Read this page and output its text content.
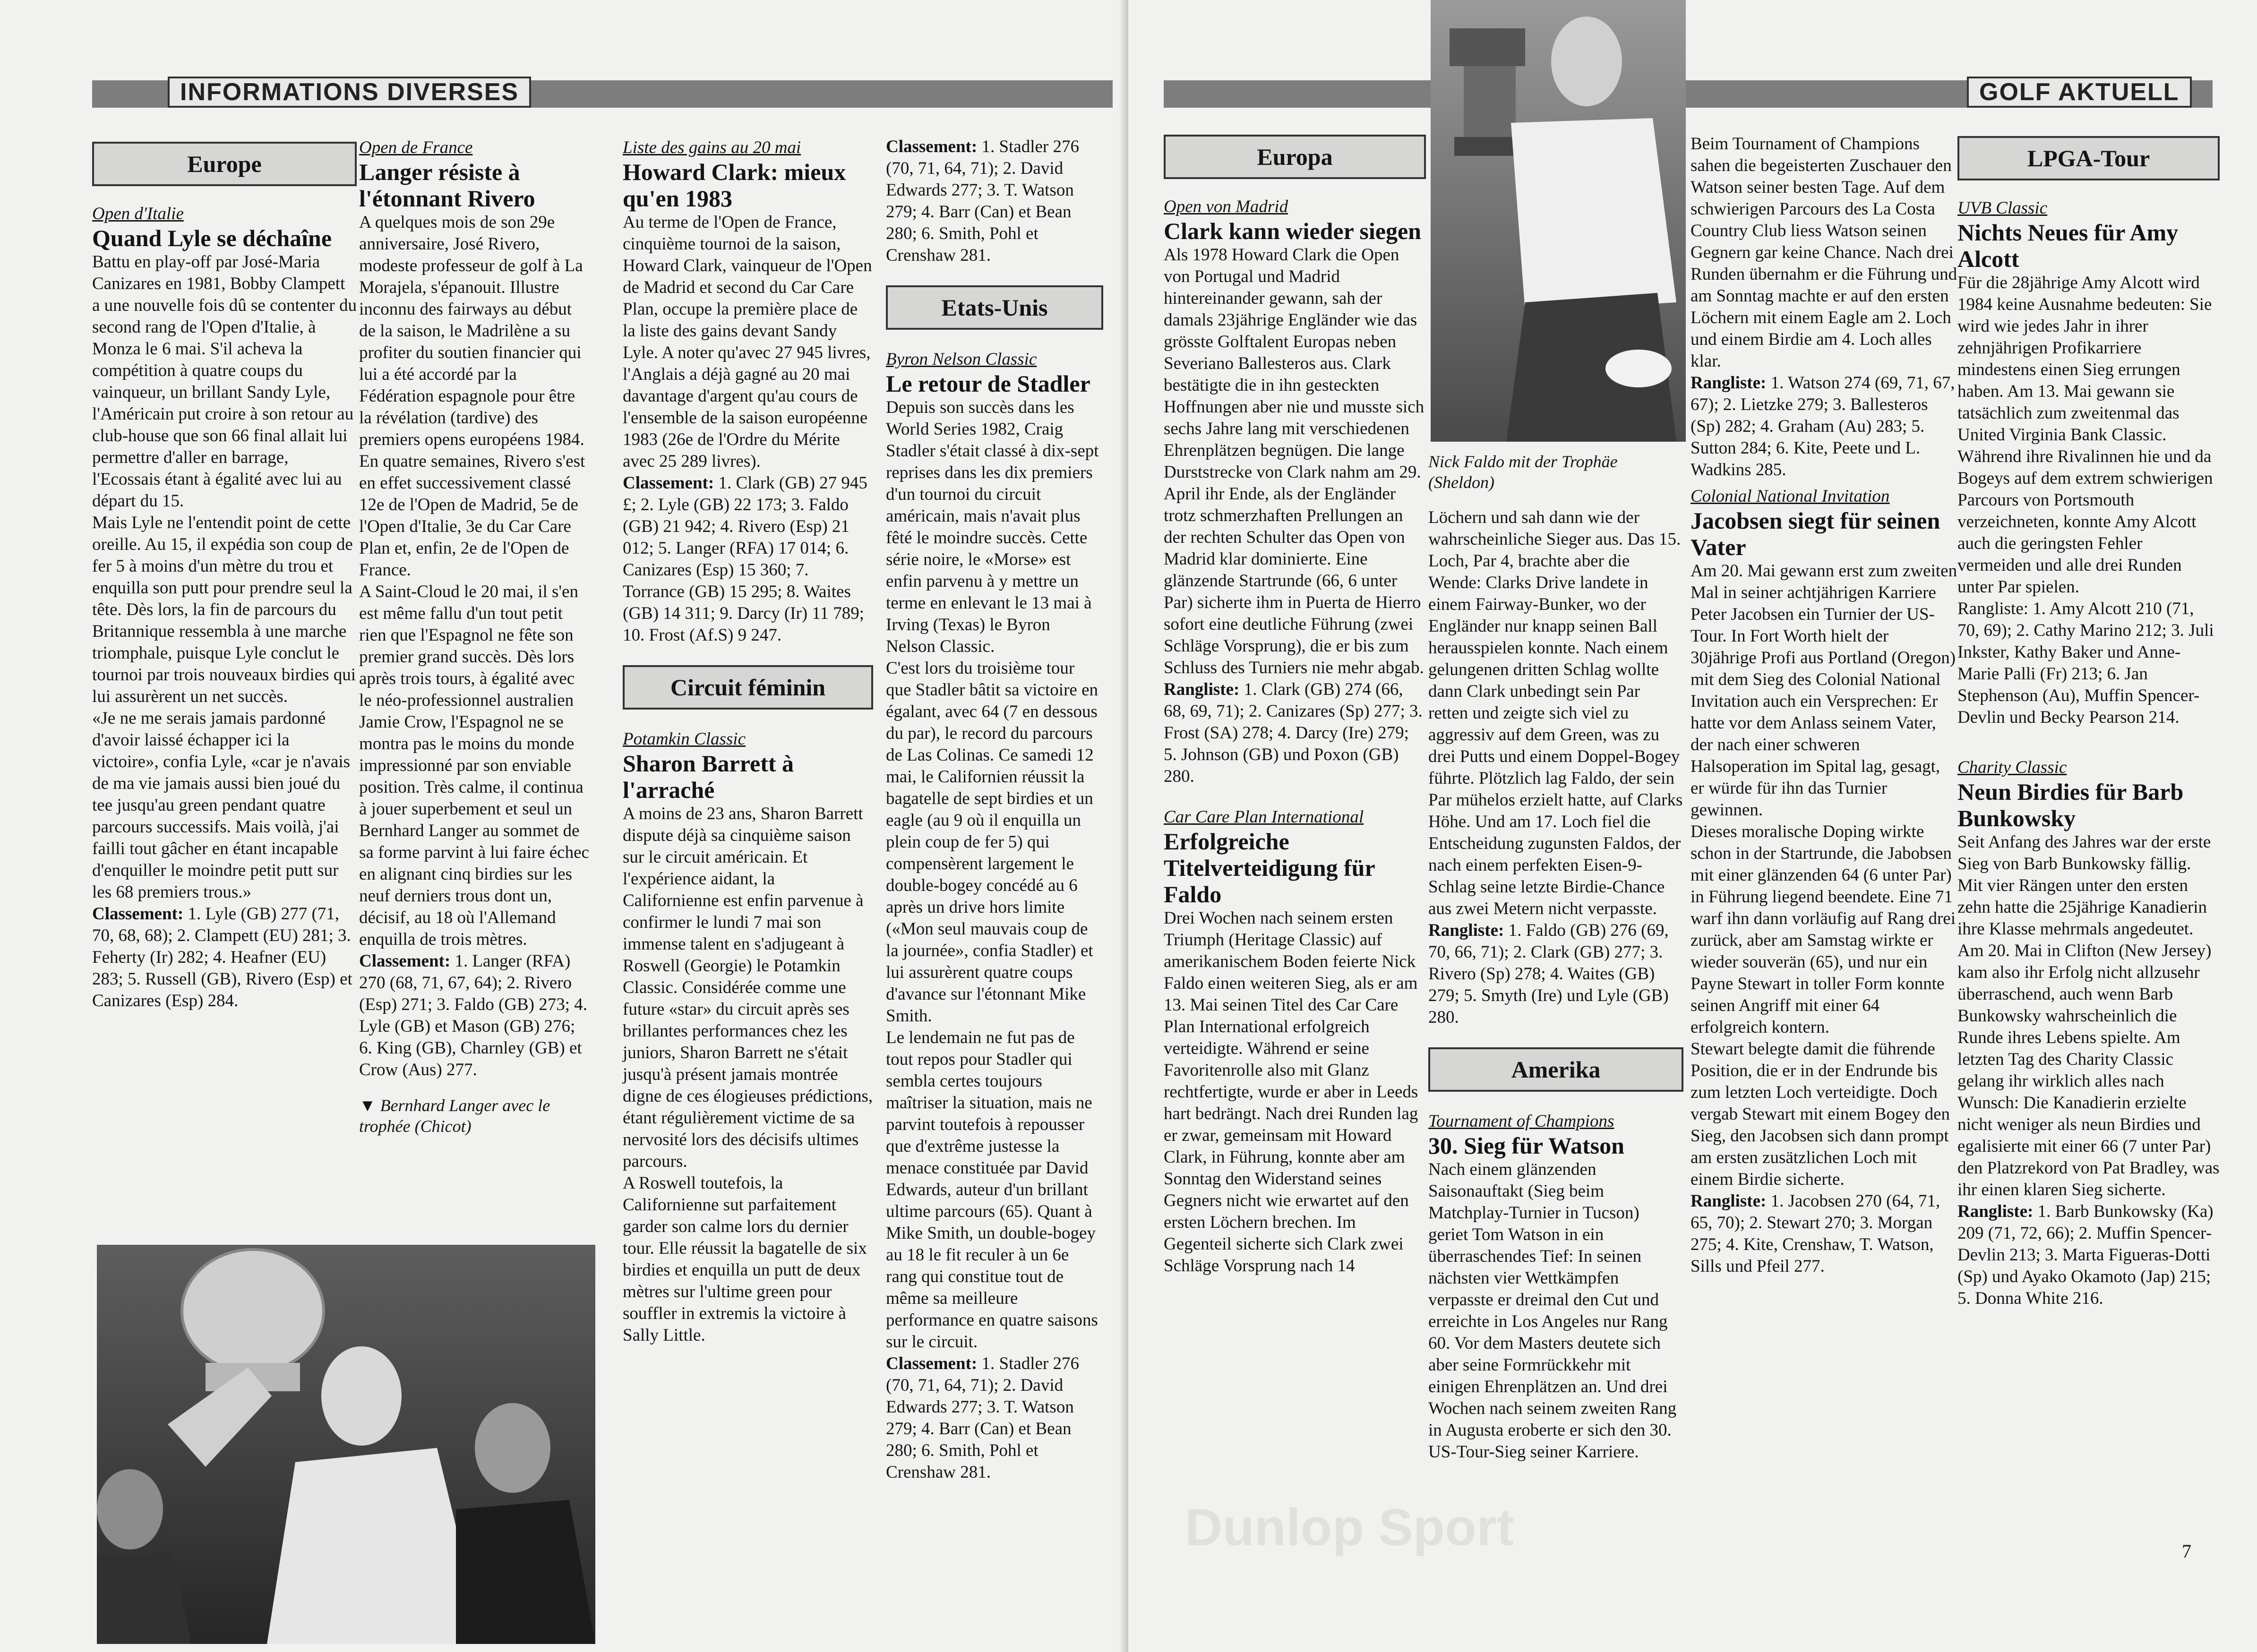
INFORMATIONS DIVERSES
Europe

Open d'Italie

Quand Lyle se déchaîne

Battu en play-off par José-Maria Canizares en 1981, Bobby Clampett a une nouvelle fois dû se contenter du second rang de l'Open d'Italie, à Monza le 6 mai. S'il acheva la compétition à quatre coups du vainqueur, un brillant Sandy Lyle, l'Américain put croire à son retour au club-house que son 66 final allait lui permettre d'aller en barrage, l'Ecossais étant à égalité avec lui au départ du 15.

Mais Lyle ne l'entendit point de cette oreille. Au 15, il expédia son coup de fer 5 à moins d'un mètre du trou et enquilla son putt pour prendre seul la tête. Dès lors, la fin de parcours du Britannique ressembla à une marche triomphale, puisque Lyle conclut le tournoi par trois nouveaux birdies qui lui assurèrent un net succès.

«Je ne me serais jamais pardonné d'avoir laissé échapper ici la victoire», confia Lyle, «car je n'avais de ma vie jamais aussi bien joué du tee jusqu'au green pendant quatre parcours successifs. Mais voilà, j'ai failli tout gâcher en étant incapable d'enquiller le moindre petit putt sur les 68 premiers trous.»

Classement: 1. Lyle (GB) 277 (71, 70, 68, 68); 2. Clampett (EU) 281; 3. Feherty (Ir) 282; 4. Heafner (EU) 283; 5. Russell (GB), Rivero (Esp) et Canizares (Esp) 284.

Open de France

Langer résiste à l'étonnant Rivero

A quelques mois de son 29e anniversaire, José Rivero, modeste professeur de golf à La Morajela, s'épanouit. Illustre inconnu des fairways au début de la saison, le Madrilène a su profiter du soutien financier qui lui a été accordé par la Fédération espagnole pour être la révélation (tardive) des premiers opens européens 1984. En quatre semaines, Rivero s'est en effet successivement classé 12e de l'Open de Madrid, 5e de l'Open d'Italie, 3e du Car Care Plan et, enfin, 2e de l'Open de France.

A Saint-Cloud le 20 mai, il s'en est même fallu d'un tout petit rien que l'Espagnol ne fête son premier grand succès. Dès lors après trois tours, à égalité avec le néo-professionnel australien Jamie Crow, l'Espagnol ne se montra pas le moins du monde impressionné par son enviable position. Très calme, il continua à jouer superbement et seul un Bernhard Langer au sommet de sa forme parvint à lui faire échec en alignant cinq birdies sur les neuf derniers trous dont un, décisif, au 18 où l'Allemand enquilla de trois mètres.

Classement: 1. Langer (RFA) 270 (68, 71, 67, 64); 2. Rivero (Esp) 271; 3. Faldo (GB) 273; 4. Lyle (GB) et Mason (GB) 276; 6. King (GB), Charnley (GB) et Crow (Aus) 277.

▼ Bernhard Langer avec le trophée (Chicot)

Liste des gains au 20 mai

Howard Clark: mieux qu'en 1983

Au terme de l'Open de France, cinquième tournoi de la saison, Howard Clark, vainqueur de l'Open de Madrid et second du Car Care Plan, occupe la première place de la liste des gains devant Sandy Lyle. A noter qu'avec 27 945 livres, l'Anglais a déjà gagné au 20 mai davantage d'argent qu'au cours de l'ensemble de la saison européenne 1983 (26e de l'Ordre du Mérite avec 25 289 livres).

Classement: 1. Clark (GB) 27 945 £; 2. Lyle (GB) 22 173; 3. Faldo (GB) 21 942; 4. Rivero (Esp) 21 012; 5. Langer (RFA) 17 014; 6. Canizares (Esp) 15 360; 7. Torrance (GB) 15 295; 8. Waites (GB) 14 311; 9. Darcy (Ir) 11 789; 10. Frost (Af.S) 9 247.

Circuit féminin

Potamkin Classic

Sharon Barrett à l'arraché

A moins de 23 ans, Sharon Barrett dispute déjà sa cinquième saison sur le circuit américain. Et l'expérience aidant, la Californienne est enfin parvenue à confirmer le lundi 7 mai son immense talent en s'adjugeant à Roswell (Georgie) le Potamkin Classic. Considérée comme une future «star» du circuit après ses brillantes performances chez les juniors, Sharon Barrett ne s'était jusqu'à présent jamais montrée digne de ces élogieuses prédictions, étant régulièrement victime de sa nervosité lors des décisifs ultimes parcours.

A Roswell toutefois, la Californienne sut parfaitement garder son calme lors du dernier tour. Elle réussit la bagatelle de six birdies et enquilla un putt de deux mètres sur l'ultime green pour souffler in extremis la victoire à Sally Little.

Classement: 1. Stadler 276 (70, 71, 64, 71); 2. David Edwards 277; 3. T. Watson 279; 4. Barr (Can) et Bean 280; 6. Smith, Pohl et Crenshaw 281.

Etats-Unis

Byron Nelson Classic

Le retour de Stadler

Depuis son succès dans les World Series 1982, Craig Stadler s'était classé à dix-sept reprises dans les dix premiers d'un tournoi du circuit américain, mais n'avait plus fêté le moindre succès. Cette série noire, le «Morse» est enfin parvenu à y mettre un terme en enlevant le 13 mai à Irving (Texas) le Byron Nelson Classic.

C'est lors du troisième tour que Stadler bâtit sa victoire en égalant, avec 64 (7 en dessous du par), le record du parcours de Las Colinas. Ce samedi 12 mai, le Californien réussit la bagatelle de sept birdies et un eagle (au 9 où il enquilla un plein coup de fer 5) qui compensèrent largement le double-bogey concédé au 6 après un drive hors limite («Mon seul mauvais coup de la journée», confia Stadler) et lui assurèrent quatre coups d'avance sur l'étonnant Mike Smith.

Le lendemain ne fut pas de tout repos pour Stadler qui sembla certes toujours maîtriser la situation, mais ne parvint toutefois à repousser que d'extrême justesse la menace constituée par David Edwards, auteur d'un brillant ultime parcours (65). Quant à Mike Smith, un double-bogey au 18 le fit reculer à un 6e rang qui constitue tout de même sa meilleure performance en quatre saisons sur le circuit.

Classement: 1. Stadler 276 (70, 71, 64, 71); 2. David Edwards 277; 3. T. Watson 279; 4. Barr (Can) et Bean 280; 6. Smith, Pohl et Crenshaw 281.

Dunlop Sport
GOLF AKTUELL
Europa

Open von Madrid

Clark kann wieder siegen

Als 1978 Howard Clark die Open von Portugal und Madrid hintereinander gewann, sah der damals 23jährige Engländer wie das grösste Golftalent Europas neben Severiano Ballesteros aus. Clark bestätigte die in ihn gesteckten Hoffnungen aber nie und musste sich sechs Jahre lang mit verschiedenen Ehrenplätzen begnügen. Die lange Durststrecke von Clark nahm am 29. April ihr Ende, als der Engländer trotz schmerzhaften Prellungen an der rechten Schulter das Open von Madrid klar dominierte. Eine glänzende Startrunde (66, 6 unter Par) sicherte ihm in Puerta de Hierro sofort eine deutliche Führung (zwei Schläge Vorsprung), die er bis zum Schluss des Turniers nie mehr abgab.

Rangliste: 1. Clark (GB) 274 (66, 68, 69, 71); 2. Canizares (Sp) 277; 3. Frost (SA) 278; 4. Darcy (Ire) 279; 5. Johnson (GB) und Poxon (GB) 280.

Car Care Plan International

Erfolgreiche Titelverteidigung für Faldo

Drei Wochen nach seinem ersten Triumph (Heritage Classic) auf amerikanischem Boden feierte Nick Faldo einen weiteren Sieg, als er am 13. Mai seinen Titel des Car Care Plan International erfolgreich verteidigte. Während er seine Favoritenrolle also mit Glanz rechtfertigte, wurde er aber in Leeds hart bedrängt. Nach drei Runden lag er zwar, gemeinsam mit Howard Clark, in Führung, konnte aber am Sonntag den Widerstand seines Gegners nicht wie erwartet auf den ersten Löchern brechen. Im Gegenteil sicherte sich Clark zwei Schläge Vorsprung nach 14

Nick Faldo mit der Trophäe (Sheldon)

Löchern und sah dann wie der wahrscheinliche Sieger aus. Das 15. Loch, Par 4, brachte aber die Wende: Clarks Drive landete in einem Fairway-Bunker, wo der Engländer nur knapp seinen Ball herausspielen konnte. Nach einem gelungenen dritten Schlag wollte dann Clark unbedingt sein Par retten und zeigte sich viel zu aggressiv auf dem Green, was zu drei Putts und einem Doppel-Bogey führte. Plötzlich lag Faldo, der sein Par mühelos erzielt hatte, auf Clarks Höhe. Und am 17. Loch fiel die Entscheidung zugunsten Faldos, der nach einem perfekten Eisen-9-Schlag seine letzte Birdie-Chance aus zwei Metern nicht verpasste.

Rangliste: 1. Faldo (GB) 276 (69, 70, 66, 71); 2. Clark (GB) 277; 3. Rivero (Sp) 278; 4. Waites (GB) 279; 5. Smyth (Ire) und Lyle (GB) 280.

Amerika

Tournament of Champions

30. Sieg für Watson

Nach einem glänzenden Saisonauftakt (Sieg beim Matchplay-Turnier in Tucson) geriet Tom Watson in ein überraschendes Tief: In seinen nächsten vier Wettkämpfen verpasste er dreimal den Cut und erreichte in Los Angeles nur Rang 60. Vor dem Masters deutete sich aber seine Formrückkehr mit einigen Ehrenplätzen an. Und drei Wochen nach seinem zweiten Rang in Augusta eroberte er sich den 30. US-Tour-Sieg seiner Karriere.

Beim Tournament of Champions sahen die begeisterten Zuschauer den Watson seiner besten Tage. Auf dem schwierigen Parcours des La Costa Country Club liess Watson seinen Gegnern gar keine Chance. Nach drei Runden übernahm er die Führung und am Sonntag machte er auf den ersten Löchern mit einem Eagle am 2. Loch und einem Birdie am 4. Loch alles klar.

Rangliste: 1. Watson 274 (69, 71, 67, 67); 2. Lietzke 279; 3. Ballesteros (Sp) 282; 4. Graham (Au) 283; 5. Sutton 284; 6. Kite, Peete und L. Wadkins 285.

Colonial National Invitation

Jacobsen siegt für seinen Vater

Am 20. Mai gewann erst zum zweiten Mal in seiner achtjährigen Karriere Peter Jacobsen ein Turnier der US-Tour. In Fort Worth hielt der 30jährige Profi aus Portland (Oregon) mit dem Sieg des Colonial National Invitation auch ein Versprechen: Er hatte vor dem Anlass seinem Vater, der nach einer schweren Halsoperation im Spital lag, gesagt, er würde für ihn das Turnier gewinnen.

Dieses moralische Doping wirkte schon in der Startrunde, die Jabobsen mit einer glänzenden 64 (6 unter Par) in Führung liegend beendete. Eine 71 warf ihn dann vorläufig auf Rang drei zurück, aber am Samstag wirkte er wieder souverän (65), und nur ein Payne Stewart in toller Form konnte seinen Angriff mit einer 64 erfolgreich kontern.

Stewart belegte damit die führende Position, die er in der Endrunde bis zum letzten Loch verteidigte. Doch vergab Stewart mit einem Bogey den Sieg, den Jacobsen sich dann prompt am ersten zusätzlichen Loch mit einem Birdie sicherte.

Rangliste: 1. Jacobsen 270 (64, 71, 65, 70); 2. Stewart 270; 3. Morgan 275; 4. Kite, Crenshaw, T. Watson, Sills und Pfeil 277.

LPGA-Tour

UVB Classic

Nichts Neues für Amy Alcott

Für die 28jährige Amy Alcott wird 1984 keine Ausnahme bedeuten: Sie wird wie jedes Jahr in ihrer zehnjährigen Profikarriere mindestens einen Sieg errungen haben. Am 13. Mai gewann sie tatsächlich zum zweitenmal das United Virginia Bank Classic. Während ihre Rivalinnen hie und da Bogeys auf dem extrem schwierigen Parcours von Portsmouth verzeichneten, konnte Amy Alcott auch die geringsten Fehler vermeiden und alle drei Runden unter Par spielen.

Rangliste: 1. Amy Alcott 210 (71, 70, 69); 2. Cathy Marino 212; 3. Juli Inkster, Kathy Baker und Anne-Marie Palli (Fr) 213; 6. Jan Stephenson (Au), Muffin Spencer-Devlin und Becky Pearson 214.

Charity Classic

Neun Birdies für Barb Bunkowsky

Seit Anfang des Jahres war der erste Sieg von Barb Bunkowsky fällig. Mit vier Rängen unter den ersten zehn hatte die 25jährige Kanadierin ihre Klasse mehrmals angedeutet. Am 20. Mai in Clifton (New Jersey) kam also ihr Erfolg nicht allzusehr überraschend, auch wenn Barb Bunkowsky wahrscheinlich die Runde ihres Lebens spielte. Am letzten Tag des Charity Classic gelang ihr wirklich alles nach Wunsch: Die Kanadierin erzielte nicht weniger als neun Birdies und egalisierte mit einer 66 (7 unter Par) den Platzrekord von Pat Bradley, was ihr einen klaren Sieg sicherte.

Rangliste: 1. Barb Bunkowsky (Ka) 209 (71, 72, 66); 2. Muffin Spencer-Devlin 213; 3. Marta Figueras-Dotti (Sp) und Ayako Okamoto (Jap) 215; 5. Donna White 216.

7
